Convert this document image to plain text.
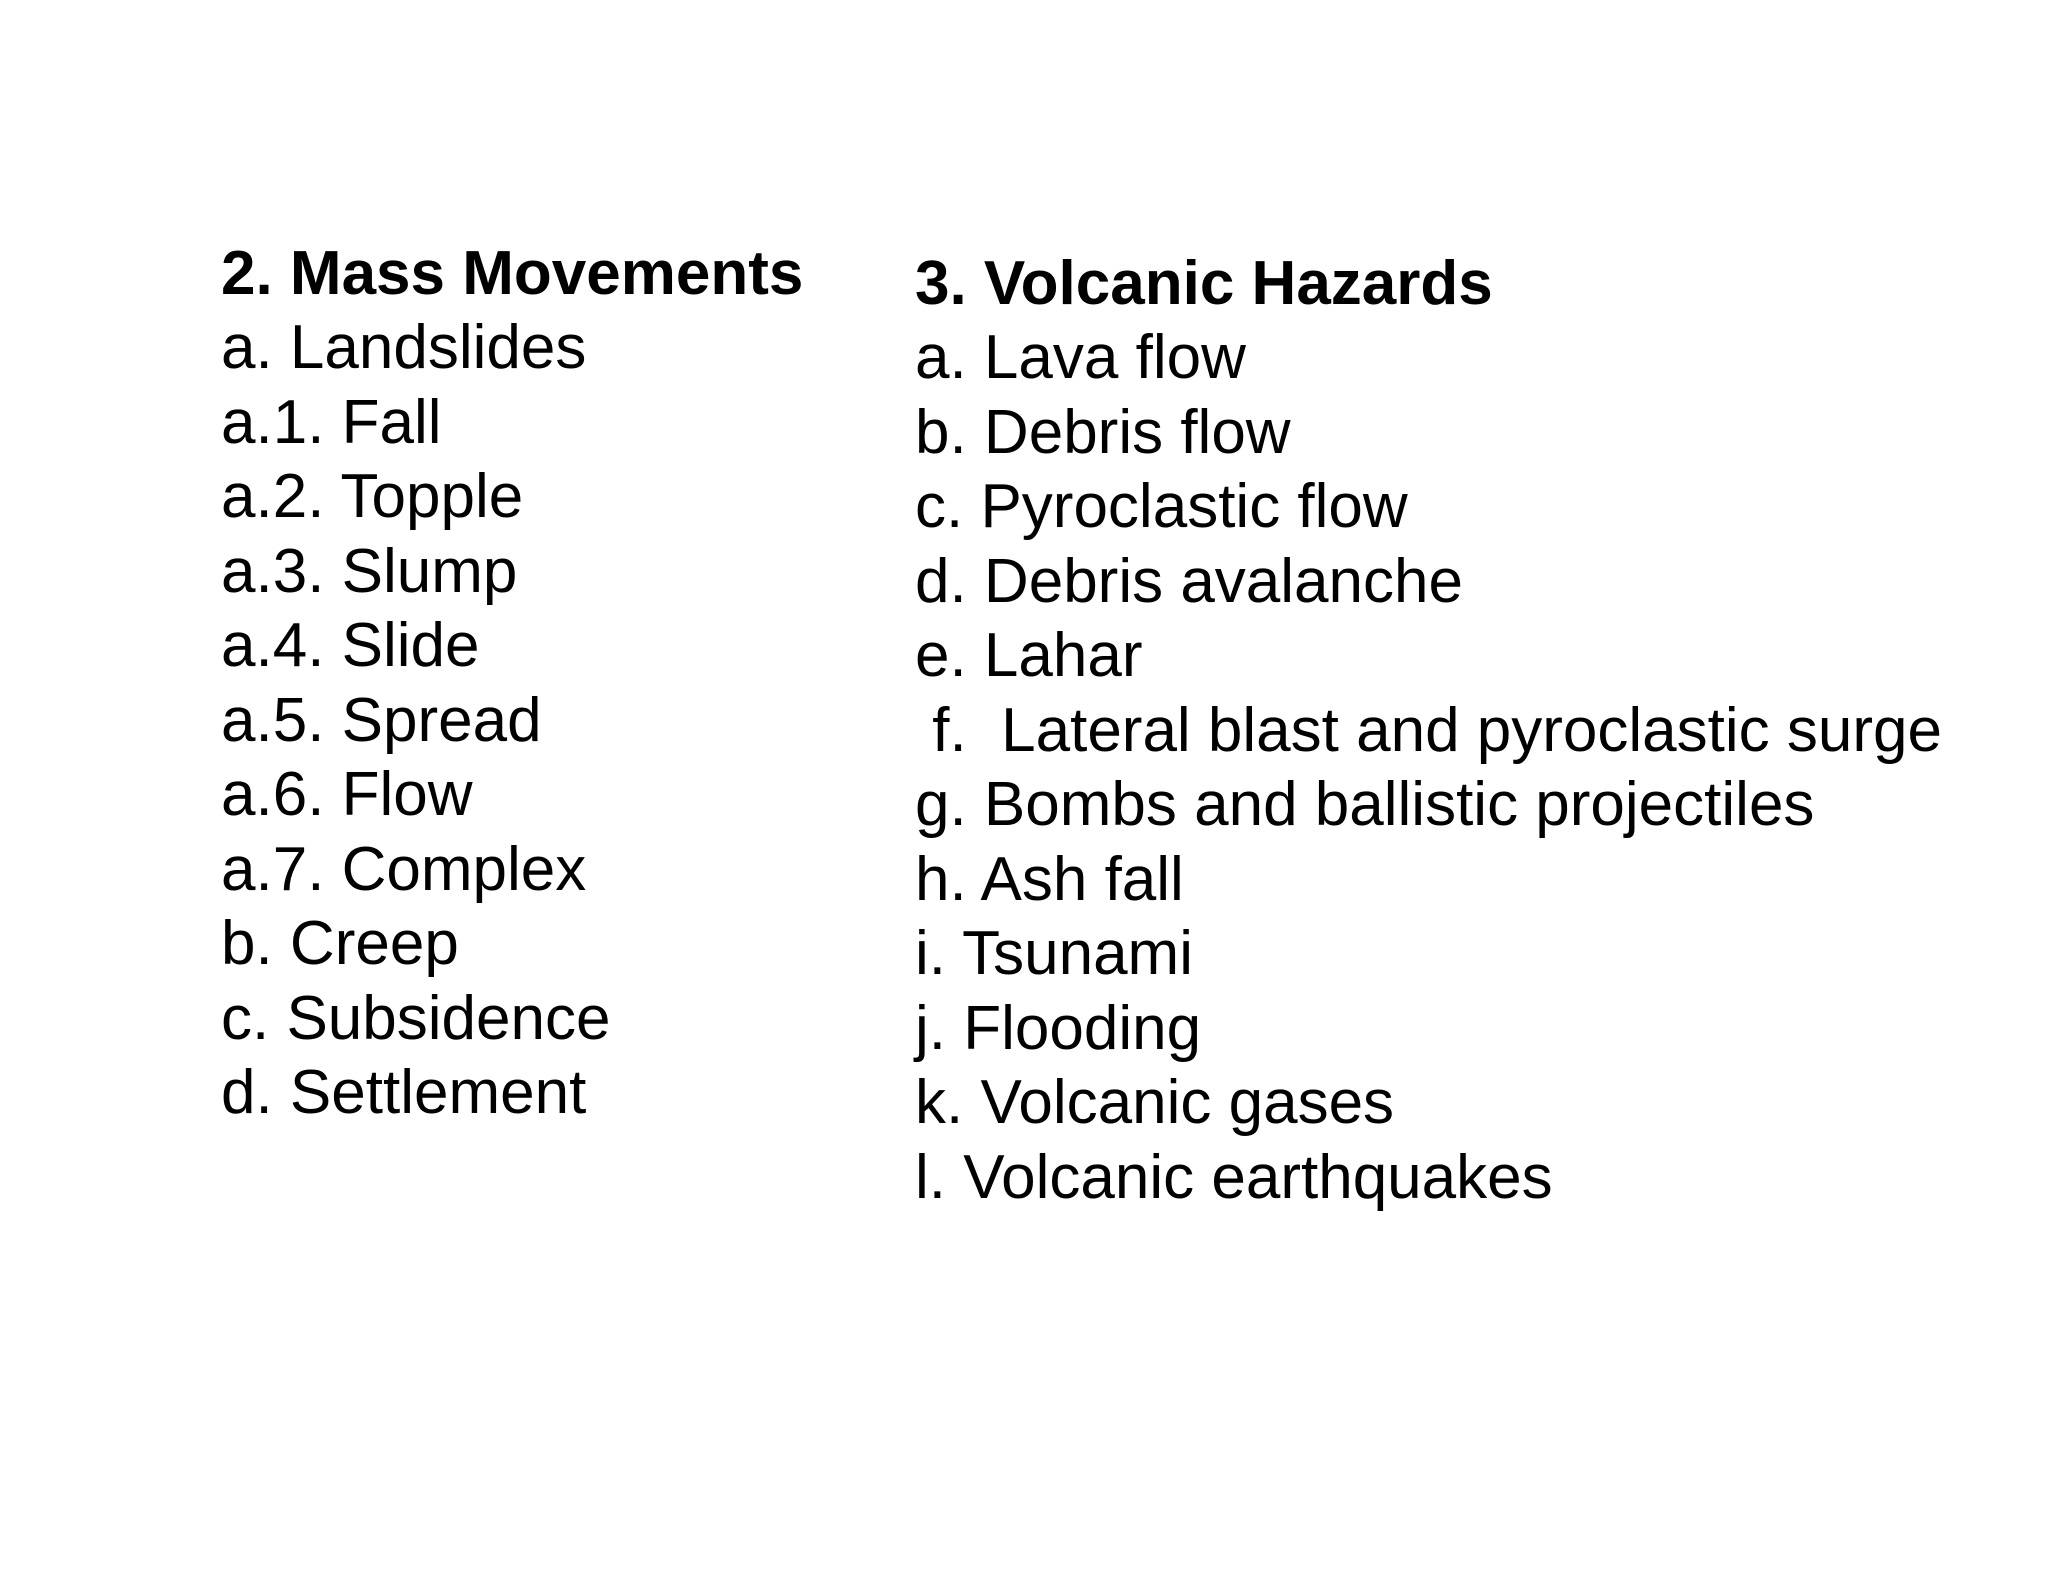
2. Mass Movements
a. Landslides
a.1. Fall
a.2. Topple
a.3. Slump
a.4. Slide
a.5. Spread
a.6. Flow
a.7. Complex
b. Creep
c. Subsidence
d. Settlement
3. Volcanic Hazards
a. Lava flow
b. Debris flow
c. Pyroclastic flow
d. Debris avalanche
e. Lahar
f.  Lateral blast and pyroclastic surge
g. Bombs and ballistic projectiles
h. Ash fall
i. Tsunami
j. Flooding
k. Volcanic gases
l. Volcanic earthquakes
